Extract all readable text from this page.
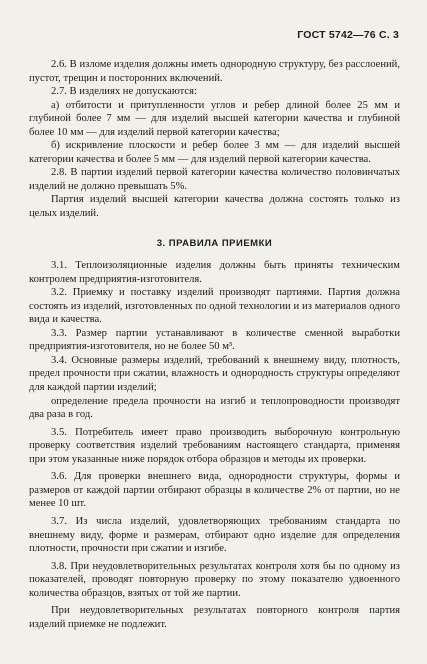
ГОСТ 5742—76 С. 3

2.6. В изломе изделия должны иметь однородную структуру, без расслоений, пустот, трещин и посторонних включений.

2.7. В изделиях не допускаются:

а) отбитости и притупленности углов и ребер длиной более 25 мм и глубиной более 7 мм — для изделий высшей категории качества и глубиной более 10 мм — для изделий первой категории качества;

б) искривление плоскости и ребер более 3 мм — для изделий высшей категории качества и более 5 мм — для изделий первой категории качества.

2.8. В партии изделий первой категории качества количество половинчатых изделий не должно превышать 5%.

Партия изделий высшей категории качества должна состоять только из целых изделий.

3. ПРАВИЛА ПРИЕМКИ

3.1. Теплоизоляционные изделия должны быть приняты техническим контролем предприятия-изготовителя.

3.2. Приемку и поставку изделий производят партиями. Партия должна состоять из изделий, изготовленных по одной технологии и из материалов одного вида и качества.

3.3. Размер партии устанавливают в количестве сменной выработки предприятия-изготовителя, но не более 50 м³.

3.4. Основные размеры изделий, требований к внешнему виду, плотность, предел прочности при сжатии, влажность и однородность структуры определяют для каждой партии изделий;

определение предела прочности на изгиб и теплопроводности производят два раза в год.

3.5. Потребитель имеет право производить выборочную контрольную проверку соответствия изделий требованиям настоящего стандарта, применяя при этом указанные ниже порядок отбора образцов и методы их проверки.

3.6. Для проверки внешнего вида, однородности структуры, формы и размеров от каждой партии отбирают образцы в количестве 2% от партии, но не менее 10 шт.

3.7. Из числа изделий, удовлетворяющих требованиям стандарта по внешнему виду, форме и размерам, отбирают одно изделие для определения плотности, прочности при сжатии и изгибе.

3.8. При неудовлетворительных результатах контроля хотя бы по одному из показателей, проводят повторную проверку по этому показателю удвоенного количества образцов, взятых от той же партии.

При неудовлетворительных результатах повторного контроля партия изделий приемке не подлежит.
